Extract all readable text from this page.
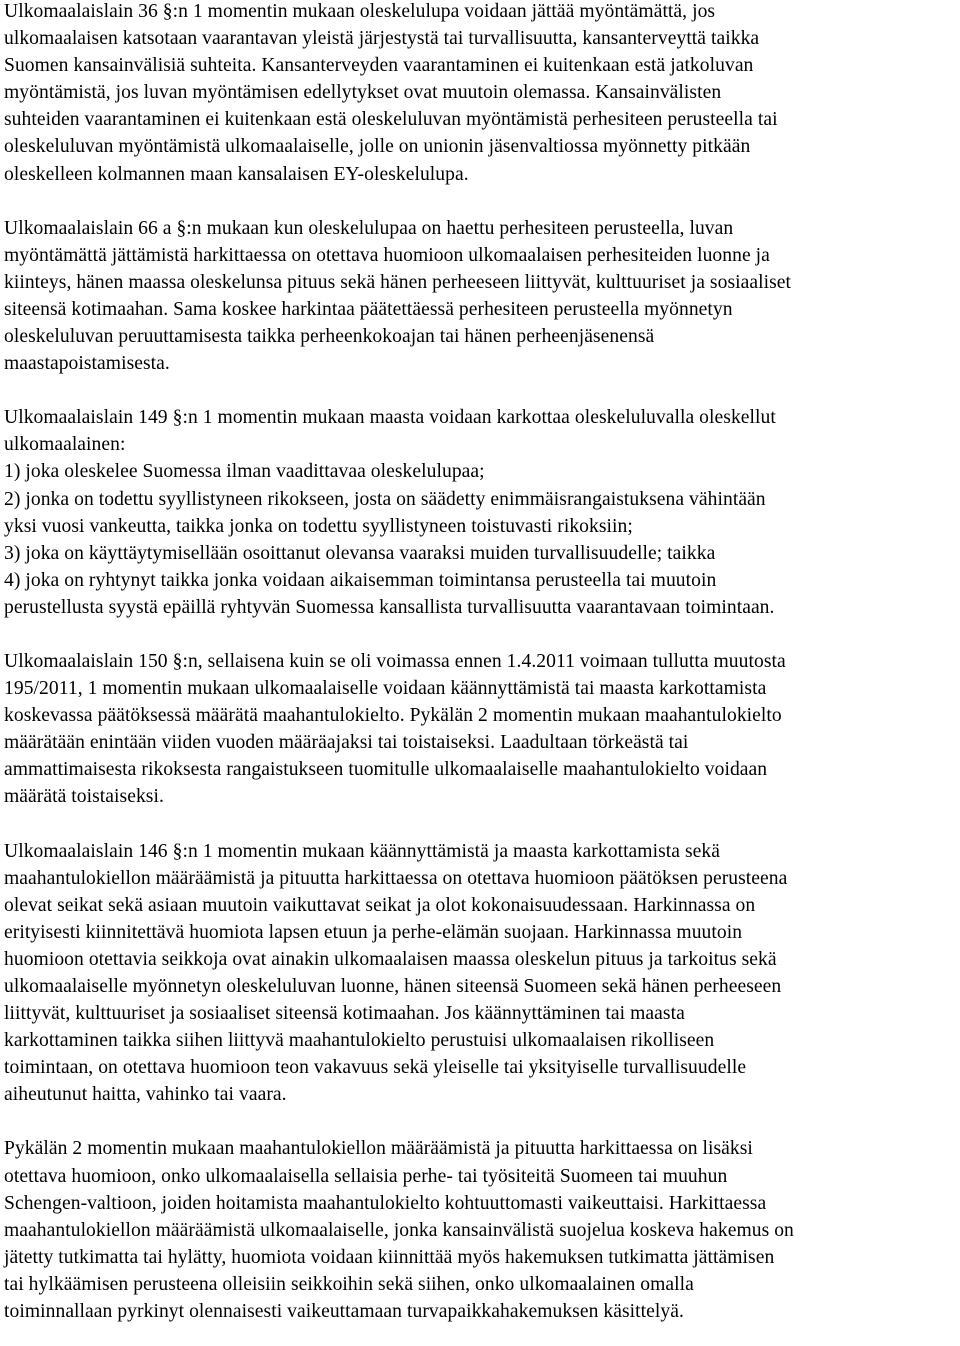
Ulkomaalaislain 36 §:n 1 momentin mukaan oleskelulupa voidaan jättää myöntämättä, jos
ulkomaalaisen katsotaan vaarantavan yleistä järjestystä tai turvallisuutta, kansanterveyttä taikka
Suomen kansainvälisiä suhteita. Kansanterveyden vaarantaminen ei kuitenkaan estä jatkoluvan
myöntämistä, jos luvan myöntämisen edellytykset ovat muutoin olemassa. Kansainvälisten
suhteiden vaarantaminen ei kuitenkaan estä oleskeluluvan myöntämistä perhesiteen perusteella tai
oleskeluluvan myöntämistä ulkomaalaiselle, jolle on unionin jäsenvaltiossa myönnetty pitkään
oleskelleen kolmannen maan kansalaisen EY-oleskelulupa.

Ulkomaalaislain 66 a §:n mukaan kun oleskelulupaa on haettu perhesiteen perusteella, luvan
myöntämättä jättämistä harkittaessa on otettava huomioon ulkomaalaisen perhesiteiden luonne ja
kiinteys, hänen maassa oleskelunsa pituus sekä hänen perheeseen liittyvät, kulttuuriset ja sosiaaliset
siteensä kotimaahan. Sama koskee harkintaa päätettäessä perhesiteen perusteella myönnetyn
oleskeluluvan peruuttamisesta taikka perheenkokoajan tai hänen perheenjäsenensä
maastapoistamisesta.

Ulkomaalaislain 149 §:n 1 momentin mukaan maasta voidaan karkottaa oleskeluluvalla oleskellut
ulkomaalainen:
1) joka oleskelee Suomessa ilman vaadittavaa oleskelulupaa;
2) jonka on todettu syyllistyneen rikokseen, josta on säädetty enimmäisrangaistuksena vähintään
yksi vuosi vankeutta, taikka jonka on todettu syyllistyneen toistuvasti rikoksiin;
3) joka on käyttäytymisellään osoittanut olevansa vaaraksi muiden turvallisuudelle; taikka
4) joka on ryhtynyt taikka jonka voidaan aikaisemman toimintansa perusteella tai muutoin
perustellusta syystä epäillä ryhtyvän Suomessa kansallista turvallisuutta vaarantavaan toimintaan.

Ulkomaalaislain 150 §:n, sellaisena kuin se oli voimassa ennen 1.4.2011 voimaan tullutta muutosta
195/2011, 1 momentin mukaan ulkomaalaiselle voidaan käännyttämistä tai maasta karkottamista
koskevassa päätöksessä määrätä maahantulokielto. Pykälän 2 momentin mukaan maahantulokielto
määrätään enintään viiden vuoden määräajaksi tai toistaiseksi. Laadultaan törkeästä tai
ammattimaisesta rikoksesta rangaistukseen tuomitulle ulkomaalaiselle maahantulokielto voidaan
määrätä toistaiseksi.

Ulkomaalaislain 146 §:n 1 momentin mukaan käännyttämistä ja maasta karkottamista sekä
maahantulokiellon määräämistä ja pituutta harkittaessa on otettava huomioon päätöksen perusteena
olevat seikat sekä asiaan muutoin vaikuttavat seikat ja olot kokonaisuudessaan. Harkinnassa on
erityisesti kiinnitettävä huomiota lapsen etuun ja perhe-elämän suojaan. Harkinnassa muutoin
huomioon otettavia seikkoja ovat ainakin ulkomaalaisen maassa oleskelun pituus ja tarkoitus sekä
ulkomaalaiselle myönnetyn oleskeluluvan luonne, hänen siteensä Suomeen sekä hänen perheeseen
liittyvät, kulttuuriset ja sosiaaliset siteensä kotimaahan. Jos käännyttäminen tai maasta
karkottaminen taikka siihen liittyvä maahantulokielto perustuisi ulkomaalaisen rikolliseen
toimintaan, on otettava huomioon teon vakavuus sekä yleiselle tai yksityiselle turvallisuudelle
aiheutunut haitta, vahinko tai vaara.

Pykälän 2 momentin mukaan maahantulokiellon määräämistä ja pituutta harkittaessa on lisäksi
otettava huomioon, onko ulkomaalaisella sellaisia perhe- tai työsiteitä Suomeen tai muuhun
Schengen-valtioon, joiden hoitamista maahantulokielto kohtuuttomasti vaikeuttaisi. Harkittaessa
maahantulokiellon määräämistä ulkomaalaiselle, jonka kansainvälistä suojelua koskeva hakemus on
jätetty tutkimatta tai hylätty, huomiota voidaan kiinnittää myös hakemuksen tutkimatta jättämisen
tai hylkäämisen perusteena olleisiin seikkoihin sekä siihen, onko ulkomaalainen omalla
toiminnallaan pyrkinyt olennaisesti vaikeuttamaan turvapaikkahakemuksen käsittelyä.
